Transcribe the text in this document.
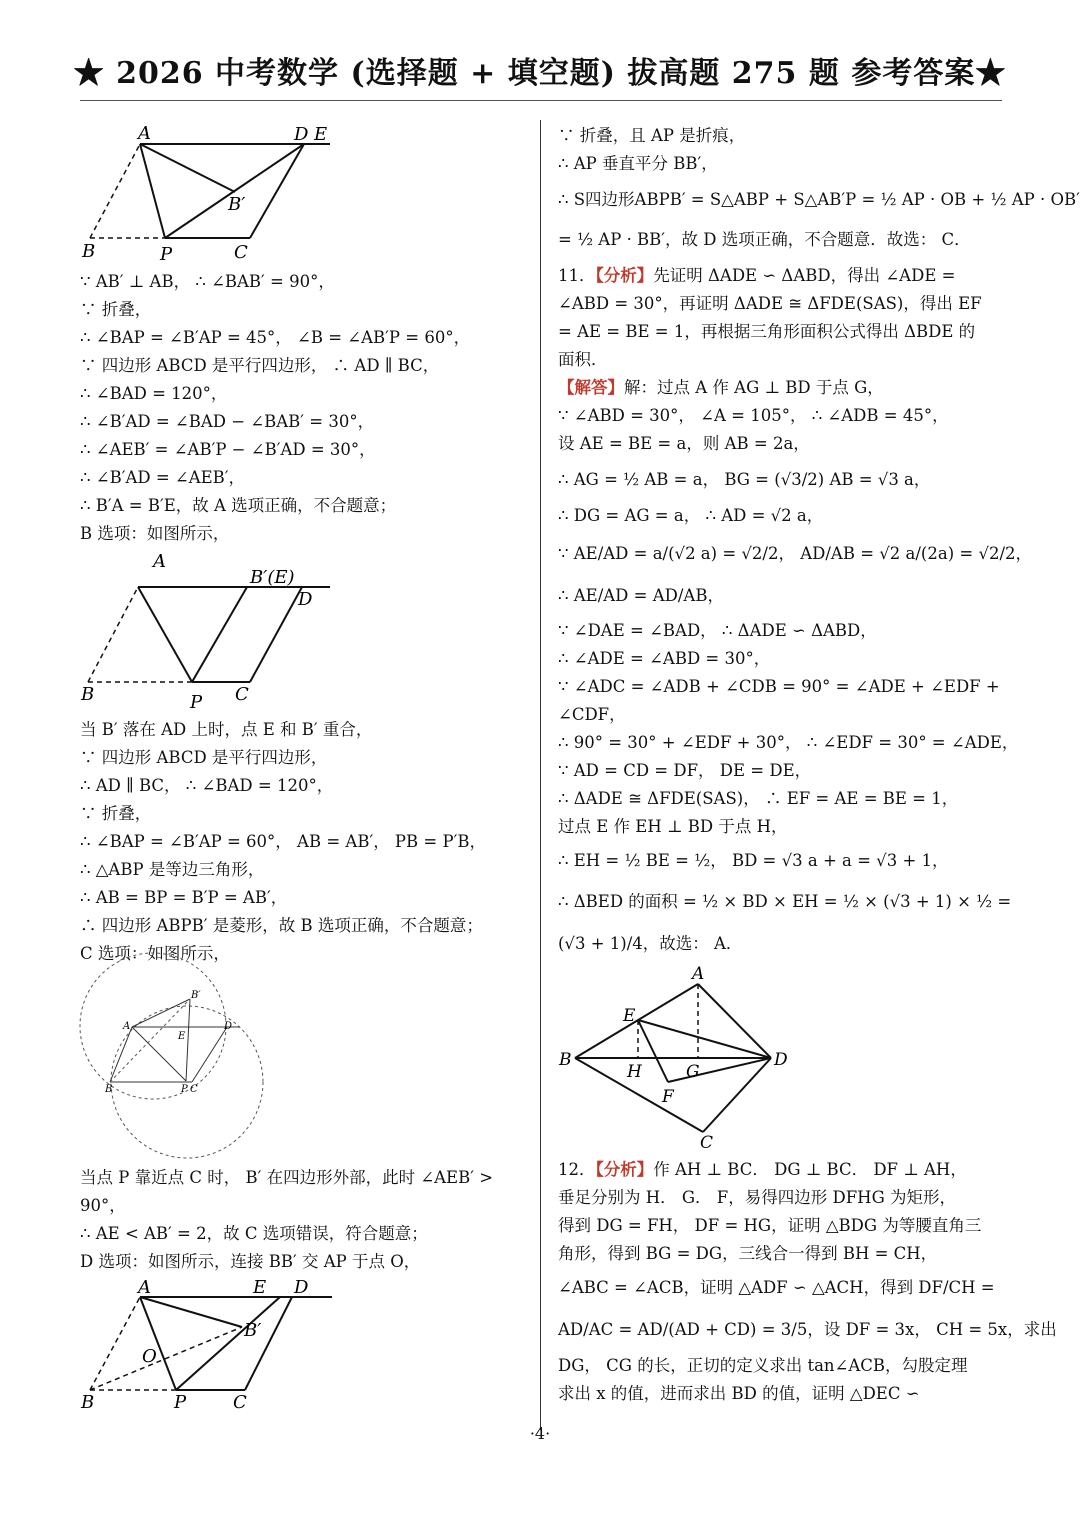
★ 2026 中考数学 (选择题 + 填空题) 拔高题 275 题 参考答案★
A	D E
B′
B	P	C
∵ AB′ ⊥ AB， ∴ ∠BAB′ = 90°，
∵ 折叠，
∴ ∠BAP = ∠B′AP = 45°， ∠B = ∠AB′P = 60°，
∵ 四边形 ABCD 是平行四边形， ∴ AD ∥ BC，
∴ ∠BAD = 120°，
∴ ∠B′AD = ∠BAD − ∠BAB′ = 30°，
∴ ∠AEB′ = ∠AB′P − ∠B′AD = 30°，
∴ ∠B′AD = ∠AEB′，
∴ B′A = B′E，故 A 选项正确，不合题意；
B 选项：如图所示，
A
B′(E)
D
B	P C
当 B′ 落在 AD 上时，点 E 和 B′ 重合，
∵ 四边形 ABCD 是平行四边形，
∴ AD ∥ BC， ∴ ∠BAD = 120°，
∵ 折叠，
∴ ∠BAP = ∠B′AP = 60°， AB = AB′， PB = P′B，
∴ △ABP 是等边三角形，
∴ AB = BP = B′P = AB′，
∴ 四边形 ABPB′ 是菱形，故 B 选项正确，不合题意；
C 选项：如图所示，
B′
A	D
E
B	P C
当点 P 靠近点 C 时， B′ 在四边形外部，此时 ∠AEB′ >
90°，
∴ AE < AB′ = 2，故 C 选项错误，符合题意；
D 选项：如图所示，连接 BB′ 交 AP 于点 O，
A	E D
B′
O
B	P	C
∵ 折叠，且 AP 是折痕，
∴ AP 垂直平分 BB′，
∴ S四边形ABPB′ = S△ABP + S△AB′P = ½ AP · OB + ½ AP · OB′
= ½ AP · BB′，故 D 选项正确，不合题意．故选： C．
11．【分析】先证明 ΔADE ∽ ΔABD，得出 ∠ADE =
∠ABD = 30°，再证明 ΔADE ≅ ΔFDE(SAS)，得出 EF
= AE = BE = 1，再根据三角形面积公式得出 ΔBDE 的
面积．
【解答】解：过点 A 作 AG ⊥ BD 于点 G，
∵ ∠ABD = 30°， ∠A = 105°， ∴ ∠ADB = 45°，
设 AE = BE = a，则 AB = 2a，
∴ AG = ½ AB = a， BG = (√3/2) AB = √3 a，
∴ DG = AG = a， ∴ AD = √2 a，
∵ AE/AD = a/(√2 a) = √2/2， AD/AB = √2 a/(2a) = √2/2，
∴ AE/AD = AD/AB，
∵ ∠DAE = ∠BAD， ∴ ΔADE ∽ ΔABD，
∴ ∠ADE = ∠ABD = 30°，
∵ ∠ADC = ∠ADB + ∠CDB = 90° = ∠ADE + ∠EDF +
∠CDF，
∴ 90° = 30° + ∠EDF + 30°， ∴ ∠EDF = 30° = ∠ADE，
∵ AD = CD = DF， DE = DE，
∴ ΔADE ≅ ΔFDE(SAS)， ∴ EF = AE = BE = 1，
过点 E 作 EH ⊥ BD 于点 H，
∴ EH = ½ BE = ½， BD = √3 a + a = √3 + 1，
∴ ΔBED 的面积 = ½ × BD × EH = ½ × (√3 + 1) × ½ =
(√3 + 1)/4，故选： A．
A
E
B
H	G
D
F
C
12．【分析】作 AH ⊥ BC． DG ⊥ BC． DF ⊥ AH，
垂足分别为 H． G． F，易得四边形 DFHG 为矩形，
得到 DG = FH， DF = HG，证明 △BDG 为等腰直角三
角形，得到 BG = DG，三线合一得到 BH = CH，
∠ABC = ∠ACB，证明 △ADF ∽ △ACH，得到 DF/CH =
AD/AC = AD/(AD + CD) = 3/5，设 DF = 3x， CH = 5x，求出
DG， CG 的长，正切的定义求出 tan∠ACB，勾股定理
求出 x 的值，进而求出 BD 的值，证明 △DEC ∽
·4·
